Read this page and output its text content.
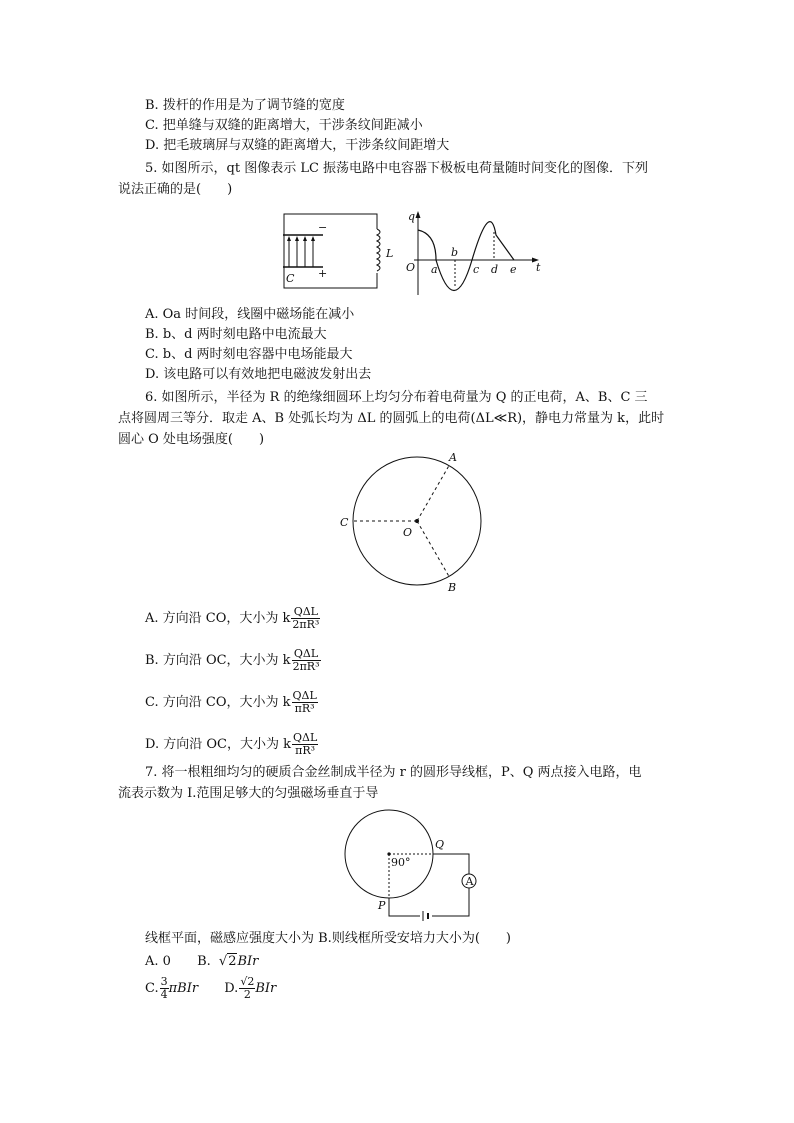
B. 拨杆的作用是为了调节缝的宽度
C. 把单缝与双缝的距离增大，干涉条纹间距减小
D. 把毛玻璃屏与双缝的距离增大，干涉条纹间距增大
5. 如图所示，qt 图像表示 LC 振荡电路中电容器下极板电荷量随时间变化的图像．下列
说法正确的是(　　)
−
+
C
L
q
t
O a
b
c d e
A. Oa 时间段，线圈中磁场能在减小
B. b、d 两时刻电路中电流最大
C. b、d 两时刻电容器中电场能最大
D. 该电路可以有效地把电磁波发射出去
6. 如图所示，半径为 R 的绝缘细圆环上均匀分布着电荷量为 Q 的正电荷，A、B、C 三
点将圆周三等分．取走 A、B 处弧长均为 ΔL 的圆弧上的电荷(ΔL≪R)，静电力常量为 k，此时
圆心 O 处电场强度(　　)
A
B
C
O
A. 方向沿 CO，大小为 k $\frac{\text{QΔL}}{\text{2πR³}}$
B. 方向沿 OC，大小为 k $\frac{\text{QΔL}}{\text{2πR³}}$
C. 方向沿 CO，大小为 k $\frac{\text{QΔL}}{\text{πR³}}$
D. 方向沿 OC，大小为 k $\frac{\text{QΔL}}{\text{πR³}}$
7. 将一根粗细均匀的硬质合金丝制成半径为 r 的圆形导线框，P、Q 两点接入电路，电
流表示数为 I.范围足够大的匀强磁场垂直于导
A
90°
Q
P
线框平面，磁感应强度大小为 B.则线框所受安培力大小为(　　)
A. 0 B. √2BIr
C. $\frac{3}{4}$ πBIr D. $\frac{√2}{2}$ BIr
